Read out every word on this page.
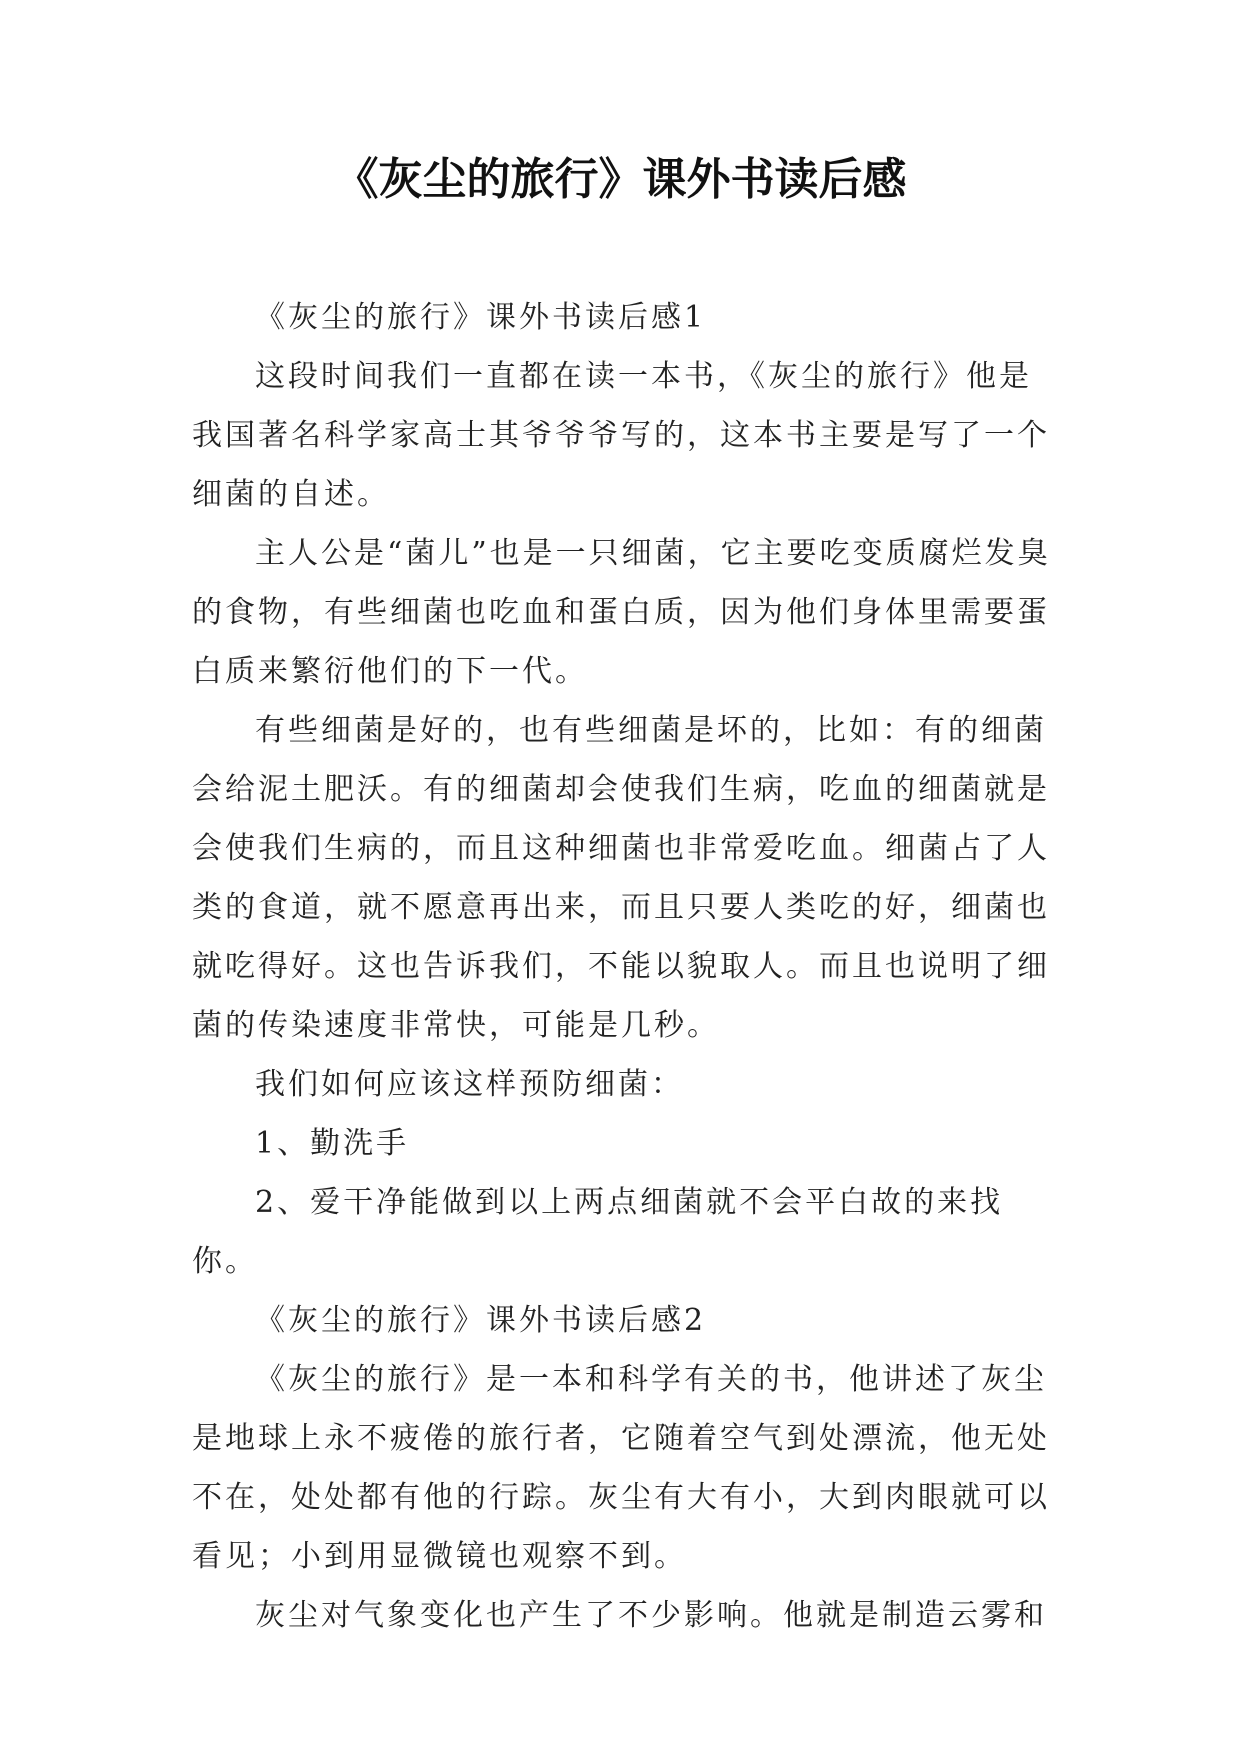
《灰尘的旅行》课外书读后感

《灰尘的旅行》课外书读后感1

这段时间我们一直都在读一本书，《灰尘的旅行》他是我国著名科学家高士其爷爷爷写的，这本书主要是写了一个细菌的自述。

主人公是“菌儿”也是一只细菌，它主要吃变质腐烂发臭的食物，有些细菌也吃血和蛋白质，因为他们身体里需要蛋白质来繁衍他们的下一代。

有些细菌是好的，也有些细菌是坏的，比如：有的细菌会给泥土肥沃。有的细菌却会使我们生病，吃血的细菌就是会使我们生病的，而且这种细菌也非常爱吃血。细菌占了人类的食道，就不愿意再出来，而且只要人类吃的好，细菌也就吃得好。这也告诉我们，不能以貌取人。而且也说明了细菌的传染速度非常快，可能是几秒。

我们如何应该这样预防细菌：

1、勤洗手

2、爱干净能做到以上两点细菌就不会平白故的来找你。

《灰尘的旅行》课外书读后感2

《灰尘的旅行》是一本和科学有关的书，他讲述了灰尘是地球上永不疲倦的旅行者，它随着空气到处漂流，他无处不在，处处都有他的行踪。灰尘有大有小，大到肉眼就可以看见；小到用显微镜也观察不到。

灰尘对气象变化也产生了不少影响。他就是制造云雾和
